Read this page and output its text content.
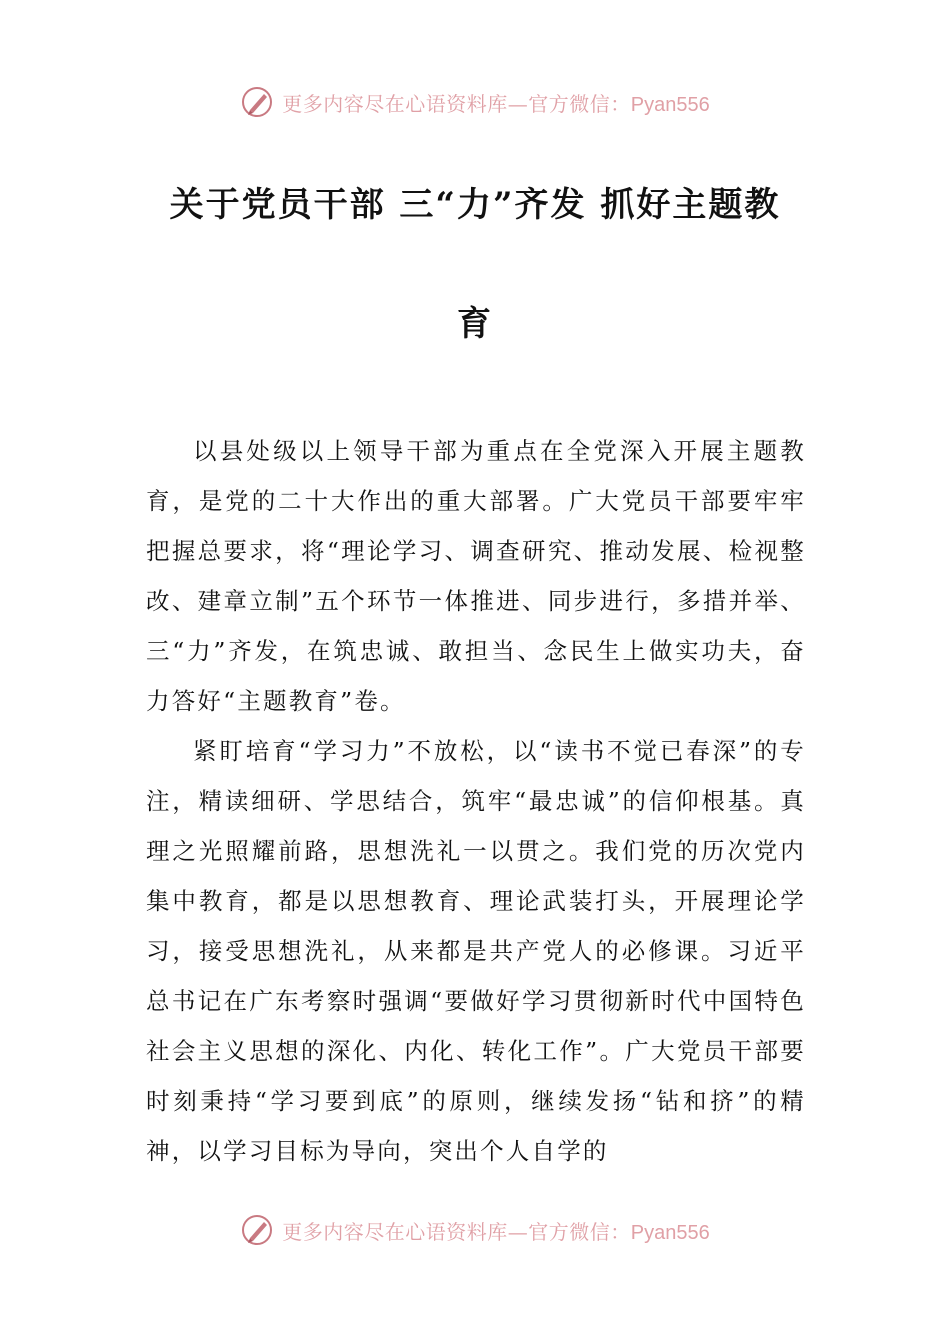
更多内容尽在心语资料库—官方微信：Pyan556
关于党员干部 三“力”齐发 抓好主题教
育

以县处级以上领导干部为重点在全党深入开展主题教育，是党的二十大作出的重大部署。广大党员干部要牢牢把握总要求，将“理论学习、调查研究、推动发展、检视整改、建章立制”五个环节一体推进、同步进行，多措并举、三“力”齐发，在筑忠诚、敢担当、念民生上做实功夫，奋力答好“主题教育”卷。

紧盯培育“学习力”不放松，以“读书不觉已春深”的专注，精读细研、学思结合，筑牢“最忠诚”的信仰根基。真理之光照耀前路，思想洗礼一以贯之。我们党的历次党内集中教育，都是以思想教育、理论武装打头，开展理论学习，接受思想洗礼，从来都是共产党人的必修课。习近平总书记在广东考察时强调“要做好学习贯彻新时代中国特色社会主义思想的深化、内化、转化工作”。广大党员干部要时刻秉持“学习要到底”的原则，继续发扬“钻和挤”的精神，以学习目标为导向，突出个人自学的

更多内容尽在心语资料库—官方微信：Pyan556
